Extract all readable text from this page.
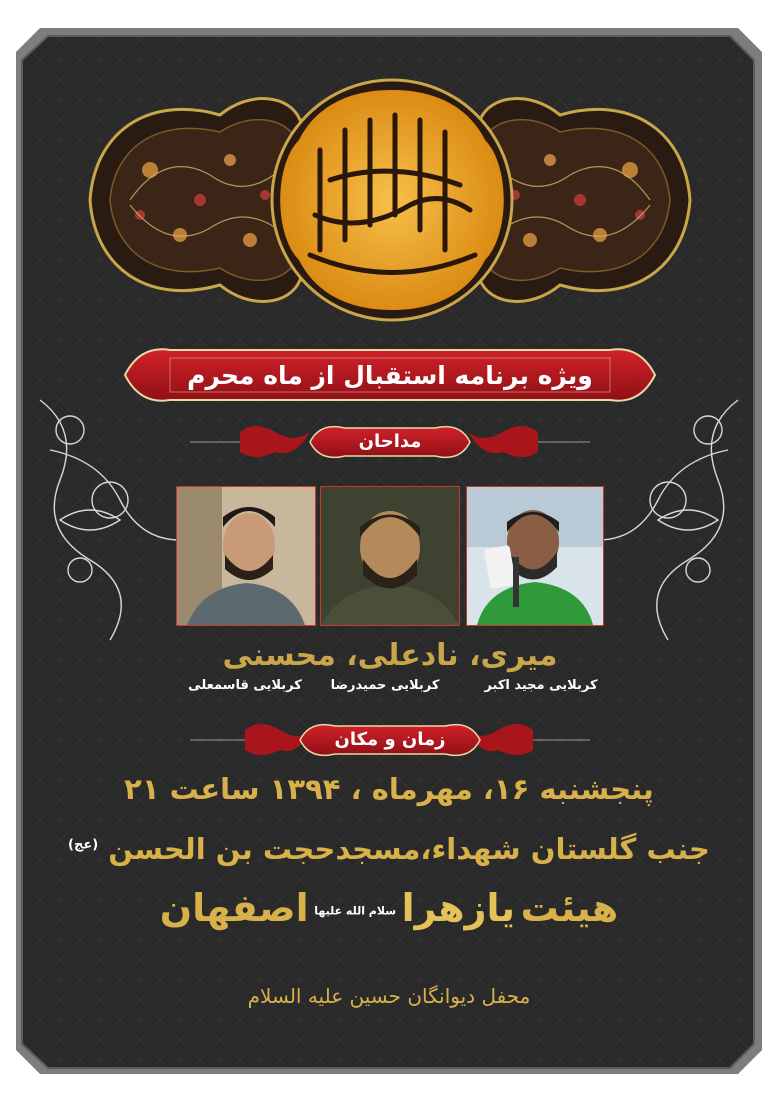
ویژه برنامه استقبال از ماه محرم
مداحان
میری، نادعلی، محسنی
کربلایی مجید اکبر
کربلایی حمیدرضا
کربلایی قاسمعلی
زمان و مکان
پنجشنبه ۱۶، مهرماه ، ۱۳۹۴ ساعت ۲۱
جنب گلستان شهداء،مسجدحجت بن الحسن $^{(عج)}$
هیئت یازهرا $^{سلام الله علیها}$ اصفهان
محفل دیوانگان حسین علیه السلام
wWw.DarolMajanin110.IR	SMS: 100006969
